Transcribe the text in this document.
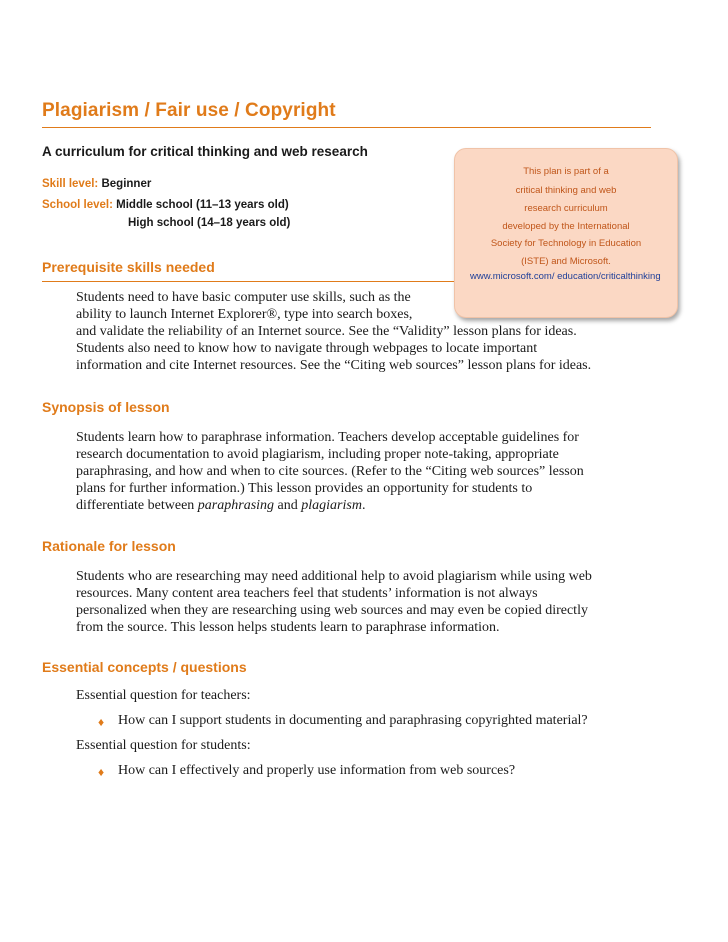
Plagiarism / Fair use / Copyright
A curriculum for critical thinking and web research
Skill level: Beginner
School level: Middle school (11–13 years old)
High school (14–18 years old)
This plan is part of a
critical thinking and web
research curriculum
developed by the International
Society for Technology in Education
(ISTE) and Microsoft.
www.microsoft.com/ education/criticalthinking
Prerequisite skills needed

Students need to have basic computer use skills, such as the

ability to launch Internet Explorer®, type into search boxes,

and validate the reliability of an Internet source. See the “Validity” lesson plans for ideas.

Students also need to know how to navigate through webpages to locate important

information and cite Internet resources. See the “Citing web sources” lesson plans for ideas.

Synopsis of lesson

Students learn how to paraphrase information. Teachers develop acceptable guidelines for

research documentation to avoid plagiarism, including proper note-taking, appropriate

paraphrasing, and how and when to cite sources. (Refer to the “Citing web sources” lesson

plans for further information.) This lesson provides an opportunity for students to

differentiate between paraphrasing and plagiarism.

Rationale for lesson

Students who are researching may need additional help to avoid plagiarism while using web

resources. Many content area teachers feel that students’ information is not always

personalized when they are researching using web sources and may even be copied directly

from the source. This lesson helps students learn to paraphrase information.

Essential concepts / questions
Essential question for teachers:
♦ How can I support students in documenting and paraphrasing copyrighted material?
Essential question for students:
♦ How can I effectively and properly use information from web sources?
